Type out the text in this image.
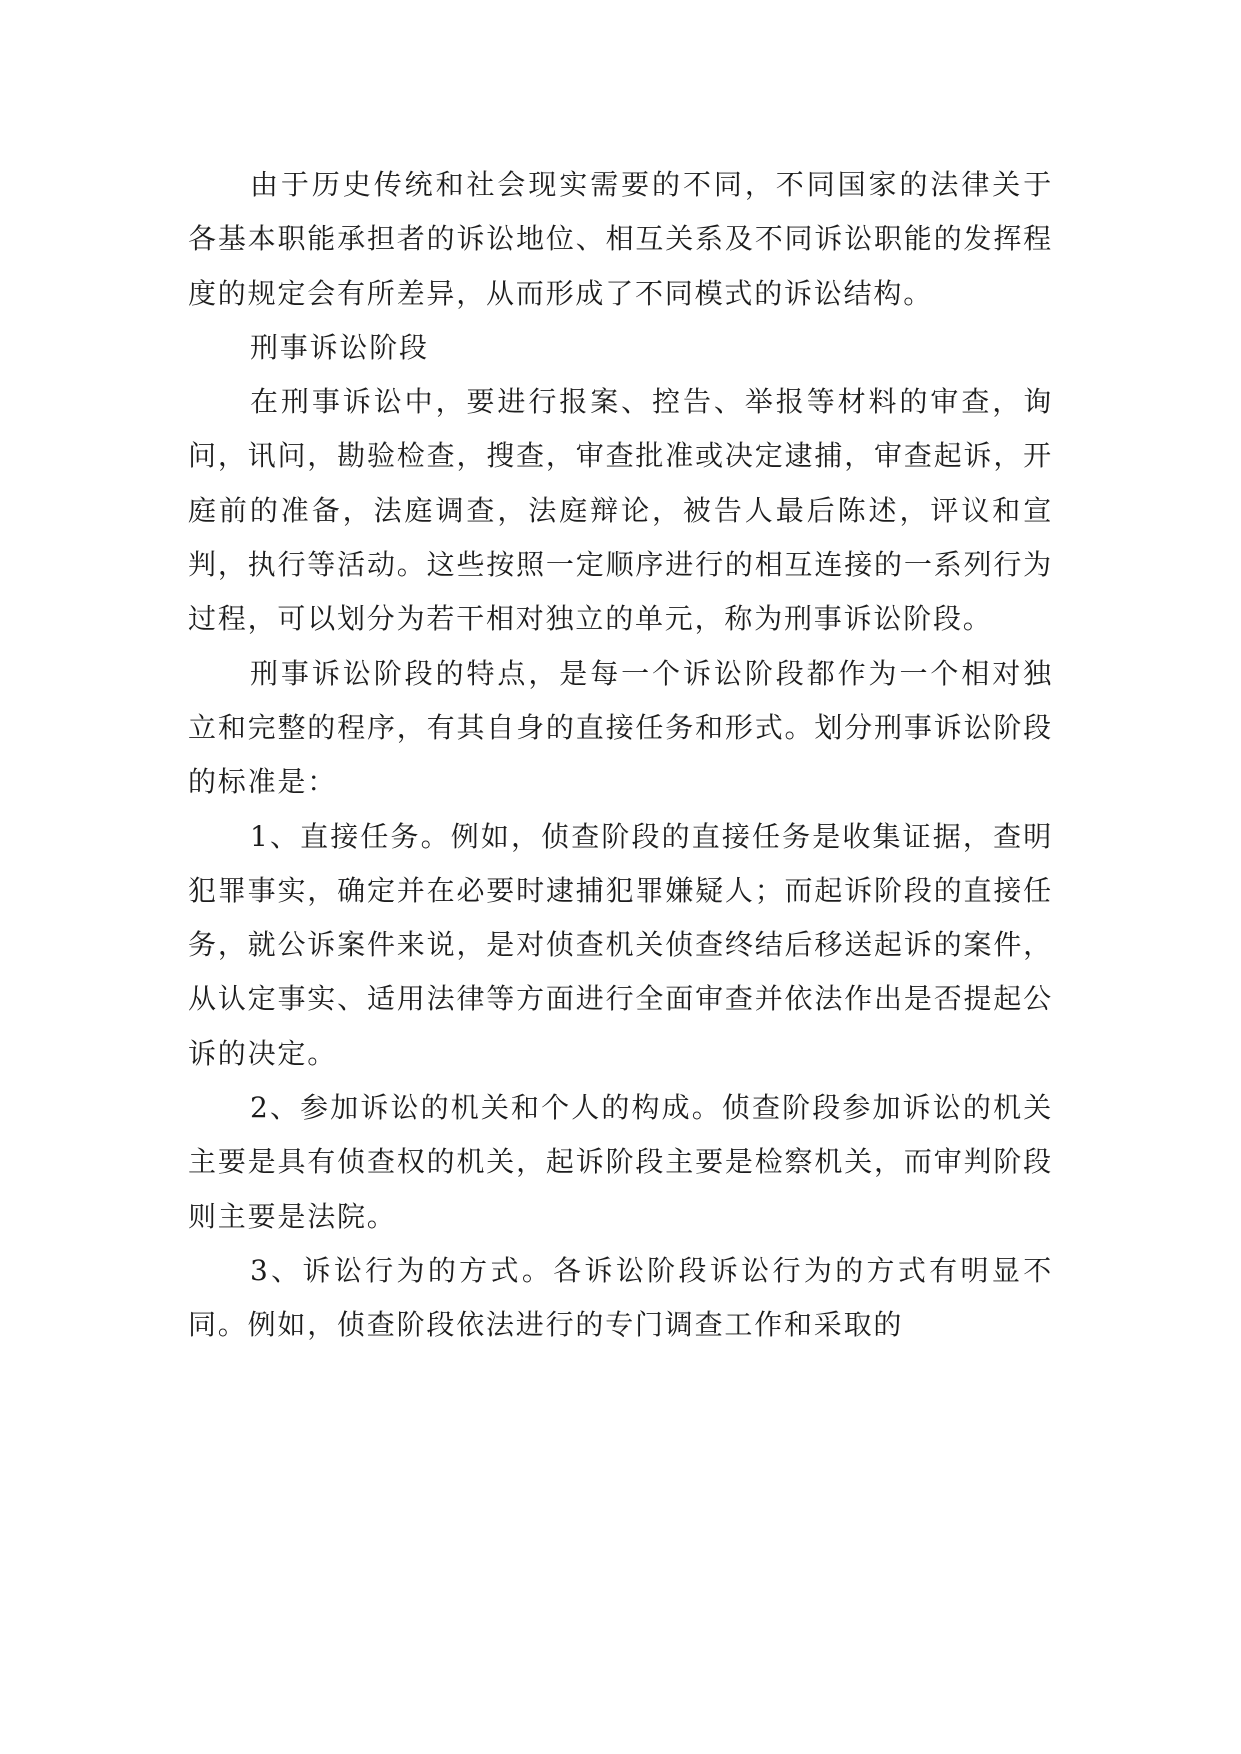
由于历史传统和社会现实需要的不同，不同国家的法律关于各基本职能承担者的诉讼地位、相互关系及不同诉讼职能的发挥程度的规定会有所差异，从而形成了不同模式的诉讼结构。

刑事诉讼阶段

在刑事诉讼中，要进行报案、控告、举报等材料的审查，询问，讯问，勘验检查，搜查，审查批准或决定逮捕，审查起诉，开庭前的准备，法庭调查，法庭辩论，被告人最后陈述，评议和宣判，执行等活动。这些按照一定顺序进行的相互连接的一系列行为过程，可以划分为若干相对独立的单元，称为刑事诉讼阶段。

刑事诉讼阶段的特点，是每一个诉讼阶段都作为一个相对独立和完整的程序，有其自身的直接任务和形式。划分刑事诉讼阶段的标准是：

1、直接任务。例如，侦查阶段的直接任务是收集证据，查明犯罪事实，确定并在必要时逮捕犯罪嫌疑人；而起诉阶段的直接任务，就公诉案件来说，是对侦查机关侦查终结后移送起诉的案件，从认定事实、适用法律等方面进行全面审查并依法作出是否提起公诉的决定。

2、参加诉讼的机关和个人的构成。侦查阶段参加诉讼的机关主要是具有侦查权的机关，起诉阶段主要是检察机关，而审判阶段则主要是法院。

3、诉讼行为的方式。各诉讼阶段诉讼行为的方式有明显不同。例如，侦查阶段依法进行的专门调查工作和采取的
